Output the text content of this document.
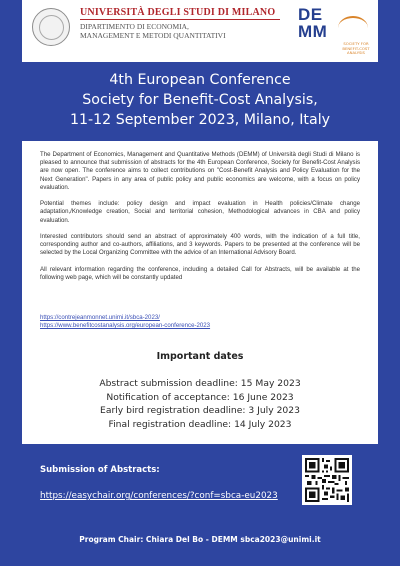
UNIVERSITÀ DEGLI STUDI DI MILANO
DIPARTIMENTO DI ECONOMIA,
MANAGEMENT E METODI QUANTITATIVI
DE
MM
SOCIETY FOR BENEFIT-COST ANALYSIS
4th European Conference
Society for Benefit-Cost Analysis,
11-12 September 2023, Milano, Italy

The Department of Economics, Management and Quantitative Methods (DEMM) of Università degli Studi di Milano is pleased to announce that submission of abstracts for the 4th European Conference, Society for Benefit-Cost Analysis are now open. The conference aims to collect contributions on "Cost-Benefit Analysis and Policy Evaluation for the Next Generation". Papers in any area of public policy and public economics are welcome, with a focus on policy evaluation.

Potential themes include: policy design and impact evaluation in Health policies/Climate change adaptation,/Knowledge creation, Social and territorial cohesion, Methodological advances in CBA and policy evaluation.

Interested contributors should send an abstract of approximately 400 words, with the indication of a full title, corresponding author and co-authors, affiliations, and 3 keywords. Papers to be presented at the conference will be selected by the Local Organizing Committee with the advice of an International Advisory Board.

All relevant information regarding the conference, including a detailed Call for Abstracts, will be available at the following web page, which will be constantly updated

https://contrejeanmonnet.unimi.it/sbca-2023/
https://www.benefitcostanalysis.org/european-conference-2023
Important dates
Abstract submission deadline: 15 May 2023
Notification of acceptance: 16 June 2023
Early bird registration deadline: 3 July 2023
Final registration deadline: 14 July 2023
Submission of Abstracts:
https://easychair.org/conferences/?conf=sbca-eu2023
Program Chair: Chiara Del Bo - DEMM sbca2023@unimi.it
